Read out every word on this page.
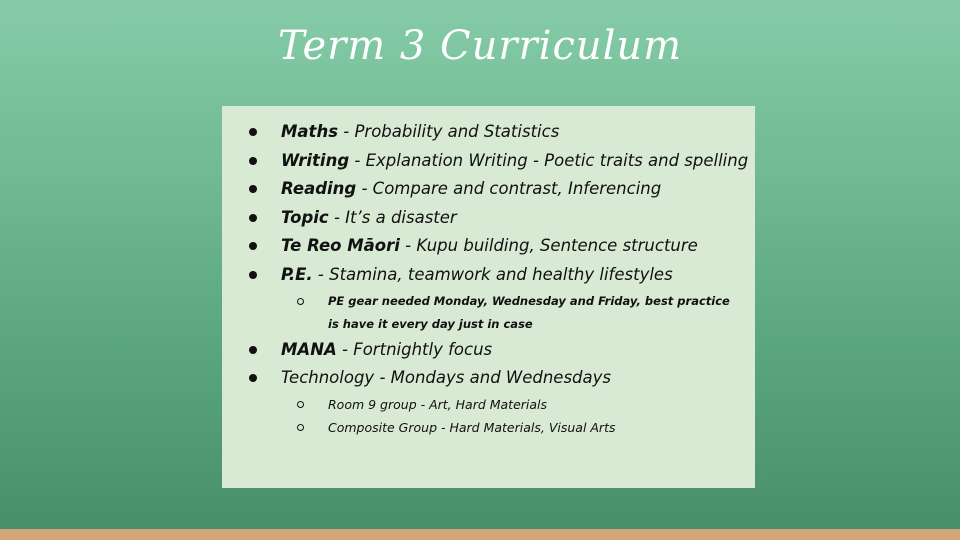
Term 3 Curriculum
Maths - Probability and Statistics
Writing - Explanation Writing - Poetic traits and spelling
Reading - Compare and contrast, Inferencing
Topic - It’s a disaster
Te Reo Māori - Kupu building, Sentence structure
P.E. - Stamina, teamwork and healthy lifestyles
PE gear needed Monday, Wednesday and Friday, best practice is have it every day just in case
MANA - Fortnightly focus
Technology - Mondays and Wednesdays
Room 9 group - Art, Hard Materials
Composite Group - Hard Materials, Visual Arts
